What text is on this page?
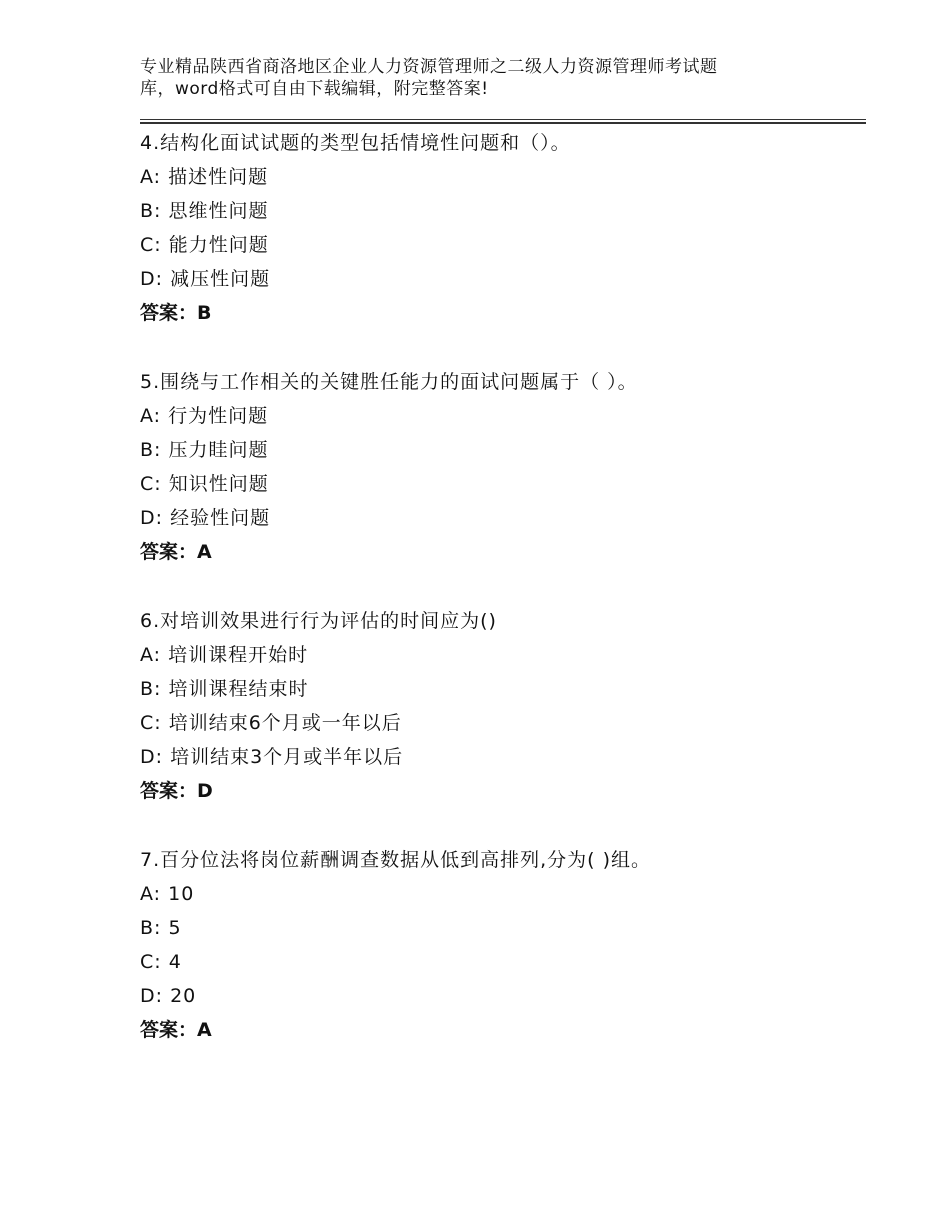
专业精品陕西省商洛地区企业人力资源管理师之二级人力资源管理师考试题
库，word格式可自由下载编辑，附完整答案!
4.结构化面试试题的类型包括情境性问题和（）。
A: 描述性问题
B: 思维性问题
C: 能力性问题
D: 减压性问题
答案：B
5.围绕与工作相关的关键胜任能力的面试问题属于（ ）。
A: 行为性问题
B: 压力眭问题
C: 知识性问题
D: 经验性问题
答案：A
6.对培训效果进行行为评估的时间应为()
A: 培训课程开始时
B: 培训课程结束时
C: 培训结束6个月或一年以后
D: 培训结束3个月或半年以后
答案：D
7.百分位法将岗位薪酬调查数据从低到高排列,分为( )组。
A: 10
B: 5
C: 4
D: 20
答案：A
